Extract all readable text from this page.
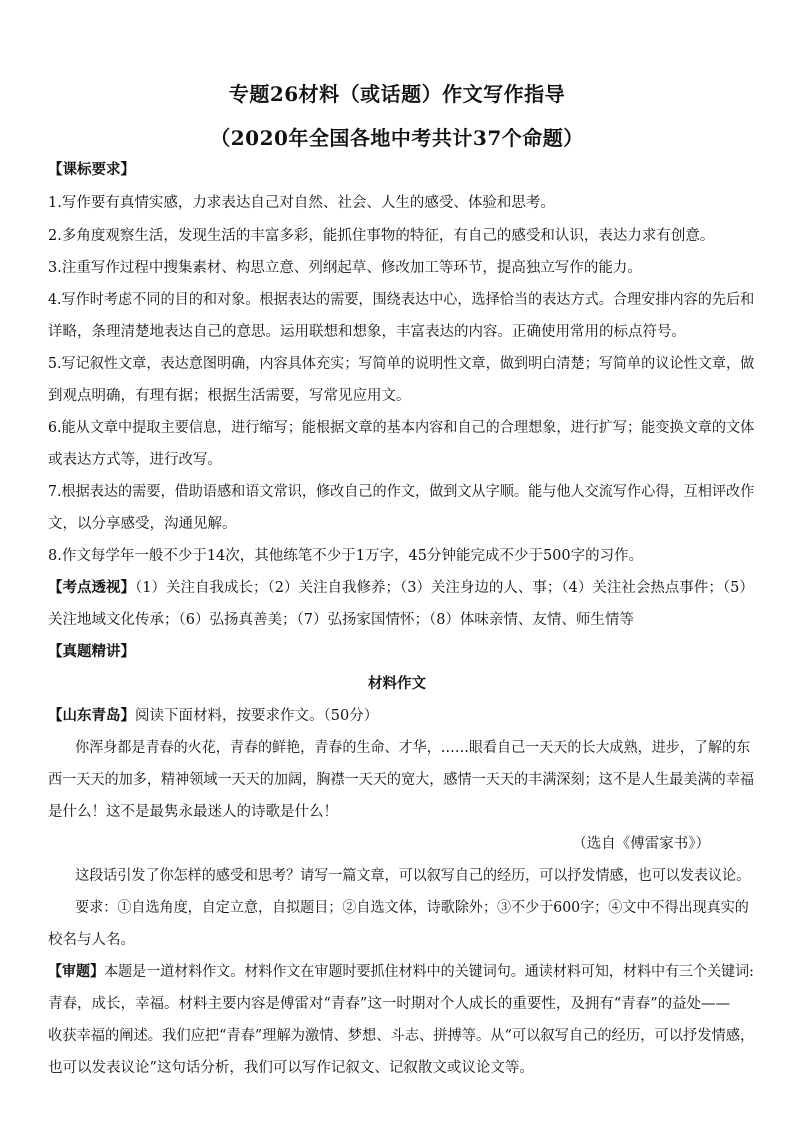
专题26材料（或话题）作文写作指导
（2020年全国各地中考共计37个命题）
【课标要求】
1.写作要有真情实感，力求表达自己对自然、社会、人生的感受、体验和思考。
2.多角度观察生活，发现生活的丰富多彩，能抓住事物的特征，有自己的感受和认识，表达力求有创意。
3.注重写作过程中搜集素材、构思立意、列纲起草、修改加工等环节，提高独立写作的能力。
4.写作时考虑不同的目的和对象。根据表达的需要，围绕表达中心，选择恰当的表达方式。合理安排内容的先后和
详略，条理清楚地表达自己的意思。运用联想和想象，丰富表达的内容。正确使用常用的标点符号。
5.写记叙性文章，表达意图明确，内容具体充实；写简单的说明性文章，做到明白清楚；写简单的议论性文章，做
到观点明确，有理有据；根据生活需要，写常见应用文。
6.能从文章中提取主要信息，进行缩写；能根据文章的基本内容和自己的合理想象，进行扩写；能变换文章的文体
或表达方式等，进行改写。
7.根据表达的需要，借助语感和语文常识，修改自己的作文，做到文从字顺。能与他人交流写作心得，互相评改作
文，以分享感受，沟通见解。
8.作文每学年一般不少于14次，其他练笔不少于1万字，45分钟能完成不少于500字的习作。
【考点透视】（1）关注自我成长；（2）关注自我修养；（3）关注身边的人、事；（4）关注社会热点事件；（5）
关注地域文化传承；（6）弘扬真善美；（7）弘扬家国情怀；（8）体味亲情、友情、师生情等
【真题精讲】
材料作文
【山东青岛】阅读下面材料，按要求作文。（50分）
你浑身都是青春的火花，青春的鲜艳，青春的生命、才华，……眼看自己一天天的长大成熟，进步，了解的东
西一天天的加多，精神领域一天天的加阔，胸襟一天天的宽大，感情一天天的丰满深刻；这不是人生最美满的幸福
是什么！这不是最隽永最迷人的诗歌是什么！
（选自《傅雷家书》）
这段话引发了你怎样的感受和思考？请写一篇文章，可以叙写自己的经历，可以抒发情感，也可以发表议论。
要求：①自选角度，自定立意，自拟题目；②自选文体，诗歌除外；③不少于600字；④文中不得出现真实的
校名与人名。
【审题】本题是一道材料作文。材料作文在审题时要抓住材料中的关键词句。通读材料可知，材料中有三个关键词:
青春，成长，幸福。材料主要内容是傅雷对“青春”这一时期对个人成长的重要性，及拥有“青春”的益处——
收获幸福的阐述。我们应把“青春”理解为激情、梦想、斗志、拼搏等。从“可以叙写自己的经历，可以抒发情感，
也可以发表议论”这句话分析，我们可以写作记叙文、记叙散文或议论文等。
